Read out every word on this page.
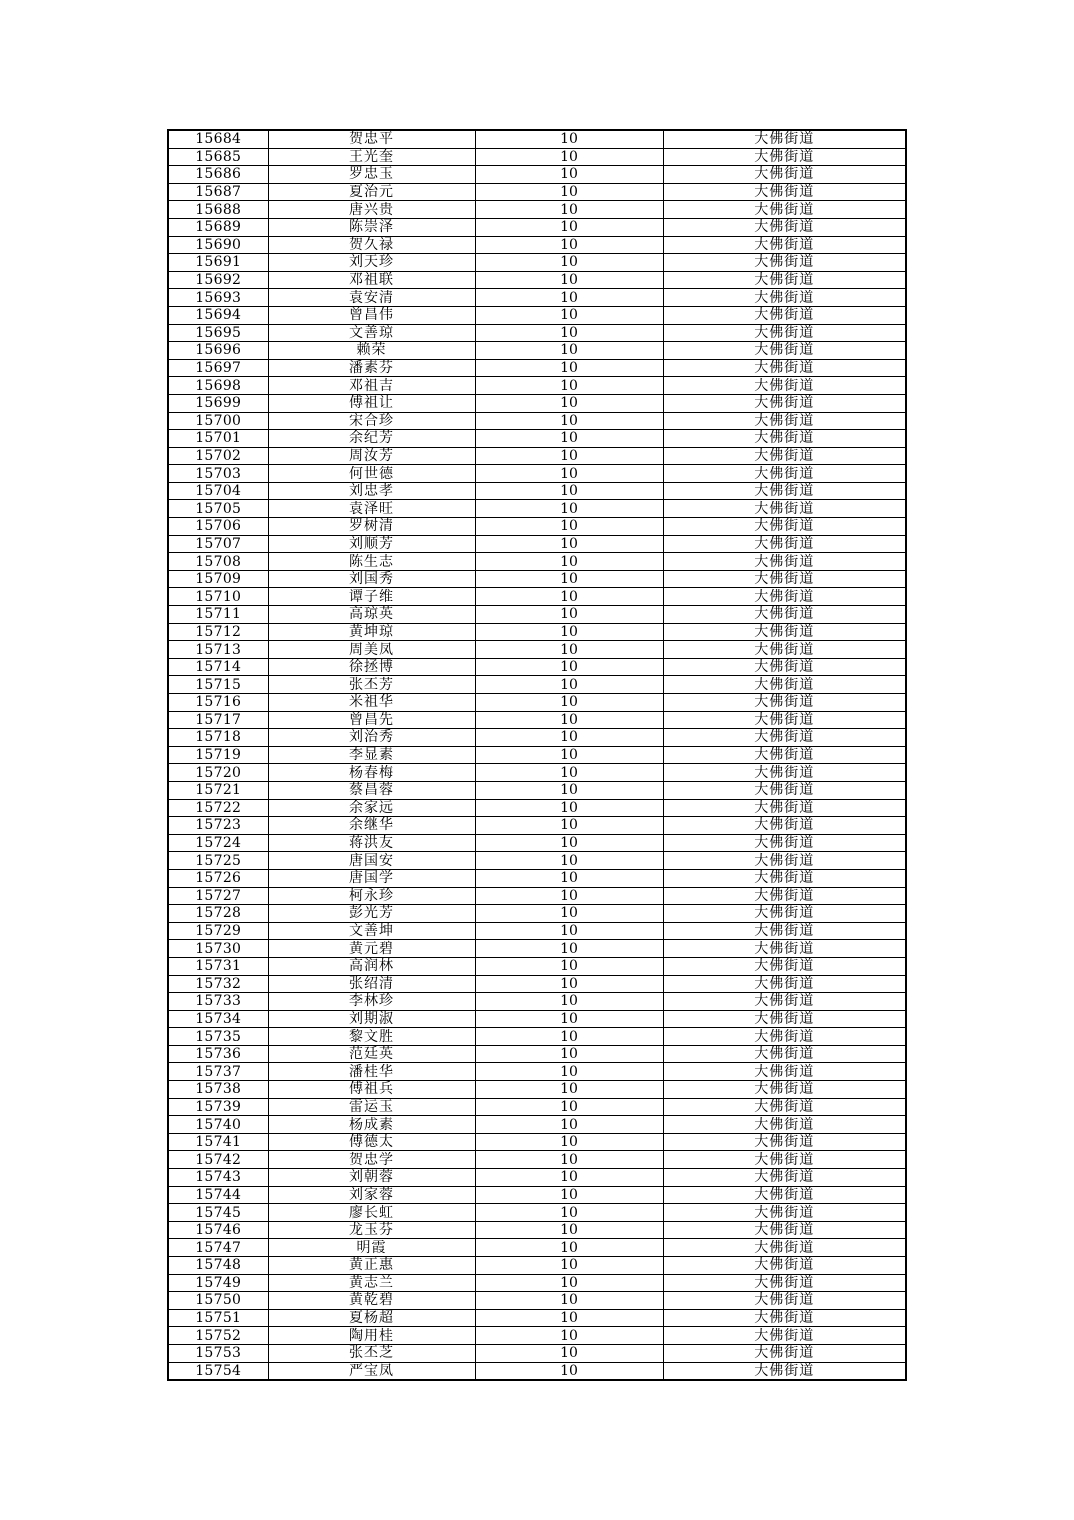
15684	贺忠平	10	大佛街道
15685	王光奎	10	大佛街道
15686	罗忠玉	10	大佛街道
15687	夏治元	10	大佛街道
15688	唐兴贵	10	大佛街道
15689	陈崇泽	10	大佛街道
15690	贺久禄	10	大佛街道
15691	刘天珍	10	大佛街道
15692	邓祖联	10	大佛街道
15693	袁安清	10	大佛街道
15694	曾昌伟	10	大佛街道
15695	文善琼	10	大佛街道
15696	赖荣	10	大佛街道
15697	潘素芬	10	大佛街道
15698	邓祖吉	10	大佛街道
15699	傅祖让	10	大佛街道
15700	宋合珍	10	大佛街道
15701	余纪芳	10	大佛街道
15702	周汝芳	10	大佛街道
15703	何世德	10	大佛街道
15704	刘忠孝	10	大佛街道
15705	袁泽旺	10	大佛街道
15706	罗树清	10	大佛街道
15707	刘顺芳	10	大佛街道
15708	陈生志	10	大佛街道
15709	刘国秀	10	大佛街道
15710	谭子维	10	大佛街道
15711	高琼英	10	大佛街道
15712	黄坤琼	10	大佛街道
15713	周美凤	10	大佛街道
15714	徐拯博	10	大佛街道
15715	张丕芳	10	大佛街道
15716	米祖华	10	大佛街道
15717	曾昌先	10	大佛街道
15718	刘治秀	10	大佛街道
15719	李显素	10	大佛街道
15720	杨春梅	10	大佛街道
15721	蔡昌蓉	10	大佛街道
15722	余家远	10	大佛街道
15723	余继华	10	大佛街道
15724	蒋洪友	10	大佛街道
15725	唐国安	10	大佛街道
15726	唐国学	10	大佛街道
15727	柯永珍	10	大佛街道
15728	彭光芳	10	大佛街道
15729	文善坤	10	大佛街道
15730	黄元碧	10	大佛街道
15731	高润林	10	大佛街道
15732	张绍清	10	大佛街道
15733	李林珍	10	大佛街道
15734	刘期淑	10	大佛街道
15735	黎文胜	10	大佛街道
15736	范廷英	10	大佛街道
15737	潘桂华	10	大佛街道
15738	傅祖兵	10	大佛街道
15739	雷运玉	10	大佛街道
15740	杨成素	10	大佛街道
15741	傅德太	10	大佛街道
15742	贺忠学	10	大佛街道
15743	刘朝蓉	10	大佛街道
15744	刘家蓉	10	大佛街道
15745	廖长虹	10	大佛街道
15746	龙玉芬	10	大佛街道
15747	明霞	10	大佛街道
15748	黄正惠	10	大佛街道
15749	黄志兰	10	大佛街道
15750	黄乾碧	10	大佛街道
15751	夏杨超	10	大佛街道
15752	陶用桂	10	大佛街道
15753	张丕芝	10	大佛街道
15754	严宝凤	10	大佛街道
